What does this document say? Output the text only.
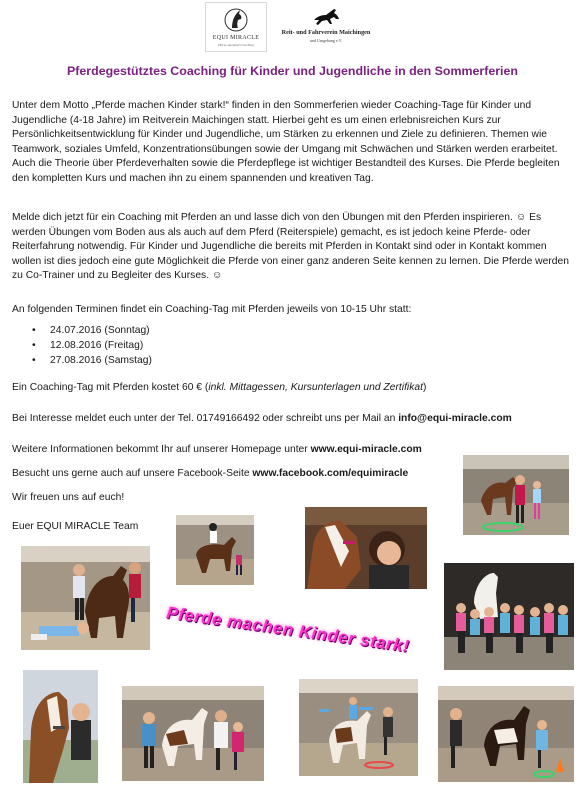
EQUI MIRACLE
Horse-Assisted Coaching
Reit- und Fahrverein Maichingen
und Umgebung e.V.
Pferdegestütztes Coaching für Kinder und Jugendliche in den Sommerferien

Unter dem Motto „Pferde machen Kinder stark!“ finden in den Sommerferien wieder Coaching-Tage für Kinder und Jugendliche (4-18 Jahre) im Reitverein Maichingen statt. Hierbei geht es um einen erlebnisreichen Kurs zur Persönlichkeitsentwicklung für Kinder und Jugendliche, um Stärken zu erkennen und Ziele zu definieren. Themen wie Teamwork, soziales Umfeld, Konzentrationsübungen sowie der Umgang mit Schwächen und Stärken werden erarbeitet. Auch die Theorie über Pferdeverhalten sowie die Pferdepflege ist wichtiger Bestandteil des Kurses. Die Pferde begleiten den kompletten Kurs und machen ihn zu einem spannenden und kreativen Tag.

Melde dich jetzt für ein Coaching mit Pferden an und lasse dich von den Übungen mit den Pferden inspirieren. ☺ Es werden Übungen vom Boden aus als auch auf dem Pferd (Reiterspiele) gemacht, es ist jedoch keine Pferde- oder Reiterfahrung notwendig. Für Kinder und Jugendliche die bereits mit Pferden in Kontakt sind oder in Kontakt kommen wollen ist dies jedoch eine gute Möglichkeit die Pferde von einer ganz anderen Seite kennen zu lernen. Die Pferde werden zu Co-Trainer und zu Begleiter des Kurses. ☺

An folgenden Terminen findet ein Coaching-Tag mit Pferden jeweils von 10-15 Uhr statt:

• 24.07.2016 (Sonntag)
• 12.08.2016 (Freitag)
• 27.08.2016 (Samstag)

Ein Coaching-Tag mit Pferden kostet 60 € (inkl. Mittagessen, Kursunterlagen und Zertifikat)

Bei Interesse meldet euch unter der Tel. 01749166492 oder schreibt uns per Mail an info@equi-miracle.com

Weitere Informationen bekommt Ihr auf unserer Homepage unter www.equi-miracle.com

Besucht uns gerne auch auf unsere Facebook-Seite www.facebook.com/equimiracle

Wir freuen uns auf euch!

Euer EQUI MIRACLE Team
Pferde machen Kinder stark!
